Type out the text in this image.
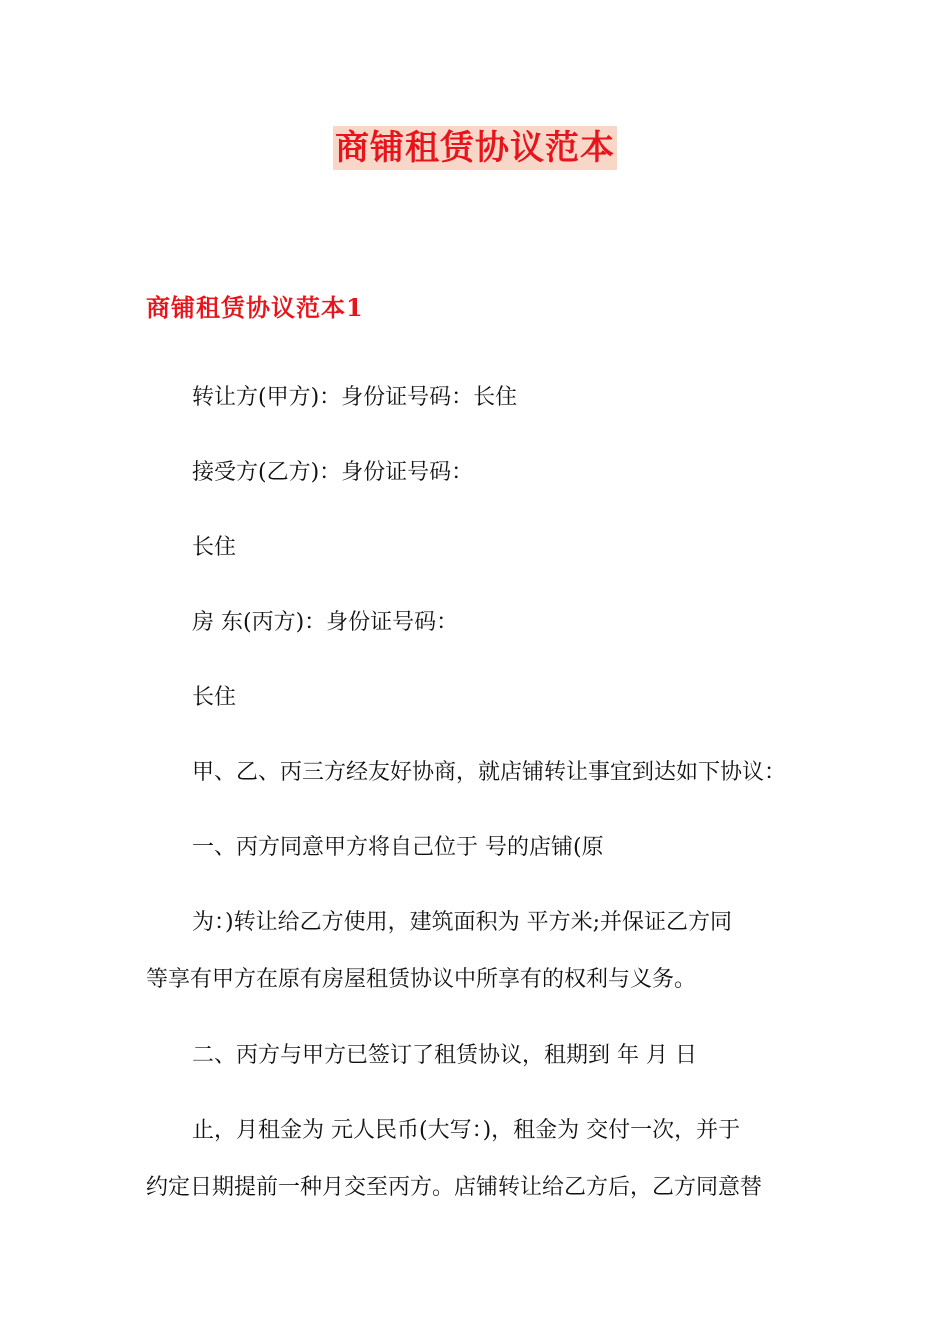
商铺租赁协议范本
商铺租赁协议范本1
转让方(甲方)：身份证号码：长住
接受方(乙方)：身份证号码：
长住
房 东(丙方)：身份证号码：
长住
甲、乙、丙三方经友好协商，就店铺转让事宜到达如下协议：
一、丙方同意甲方将自己位于 号的店铺(原
为：)转让给乙方使用，建筑面积为 平方米;并保证乙方同
等享有甲方在原有房屋租赁协议中所享有的权利与义务。
二、丙方与甲方已签订了租赁协议，租期到 年 月 日
止，月租金为 元人民币(大写：)，租金为 交付一次，并于
约定日期提前一种月交至丙方。店铺转让给乙方后，乙方同意替
